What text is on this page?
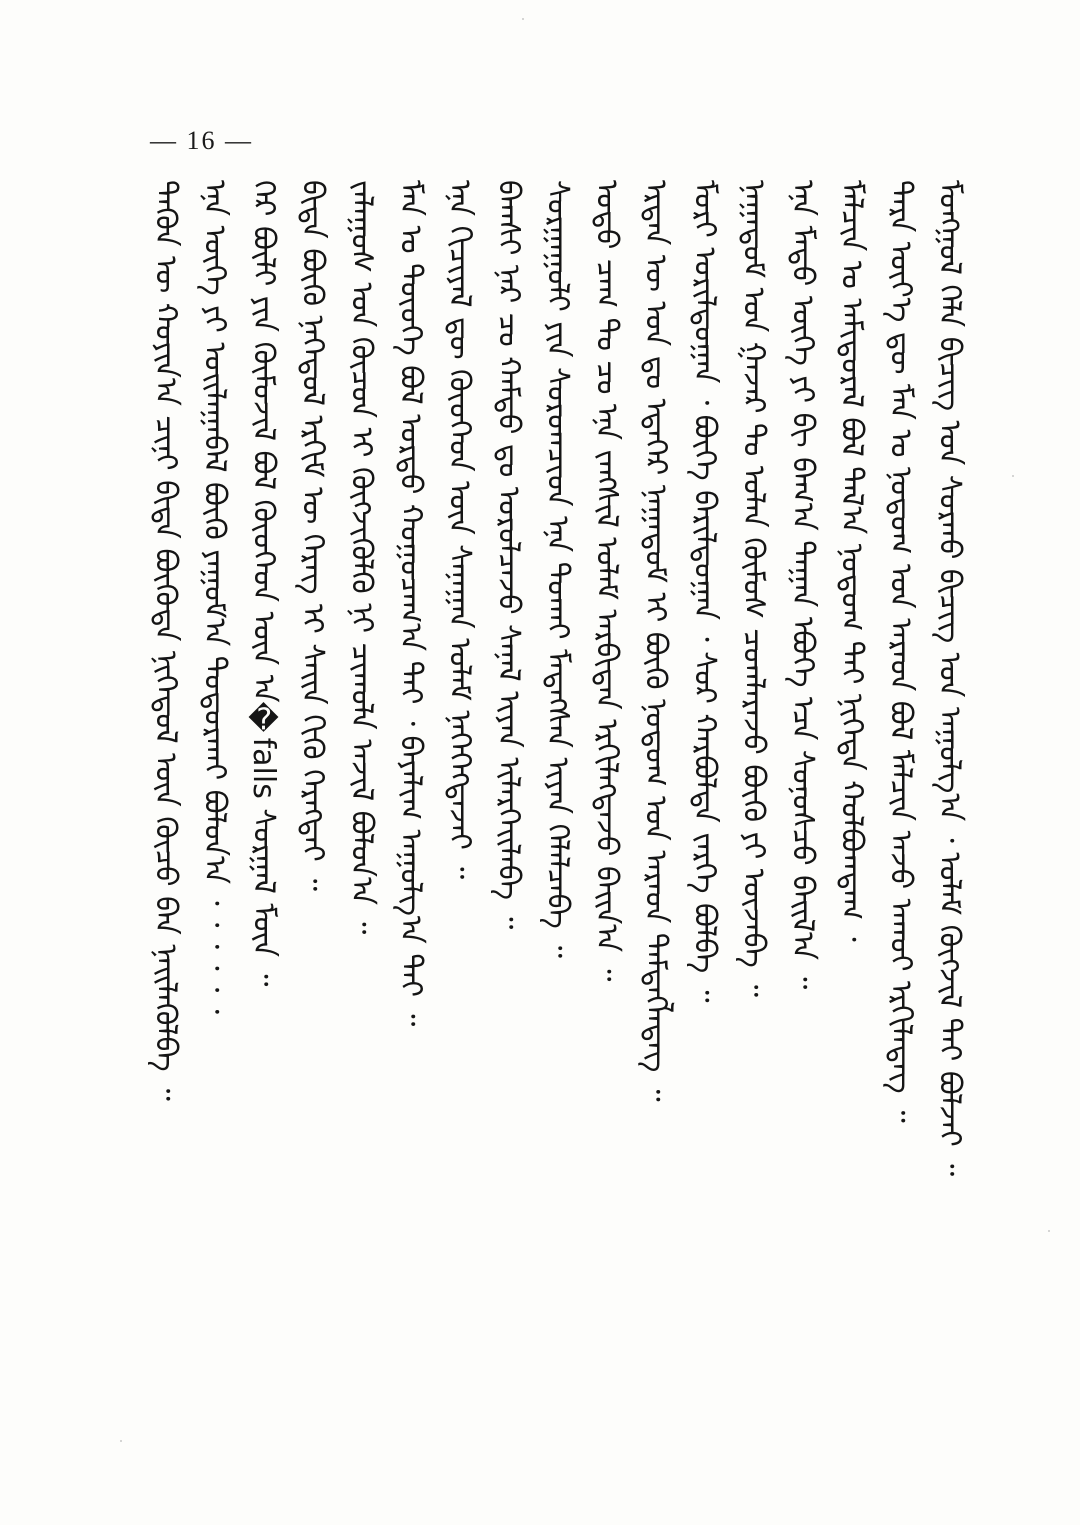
— 16 —
ᠮᠣᠩᠭᠣᠯ ᠬᠡᠯᠡ ᠪᠢᠴᠢᠭ ᠤᠨ ᠰᠤᠷᠬᠤ ᠪᠢᠴᠢᠭ ᠤᠨ ᠠᠭᠤᠯᠭ᠎ᠠ ᠂ ᠤᠯᠠᠮ ᠬᠥᠭᠵᠢᠯ ᠲᠡᠢ ᠪᠣᠯᠵᠠᠢ ᠃
ᠲᠡᠷᠡ ᠦᠶ᠎ᠡ ᠳᠦ ᠮᠠᠨ ᠤ ᠨᠤᠲᠤᠭ ᠤᠨ ᠠᠷᠠᠳ ᠪᠣᠯ ᠮᠠᠯᠴᠢᠨ ᠠᠵᠤ ᠠᠬᠤᠢ ᠡᠷᠬᠢᠯᠡᠳᠡᠭ ᠃
ᠮᠠᠯᠴᠢᠨ ᠤ ᠠᠮᠢᠳᠤᠷᠠᠯ ᠪᠣᠯ ᠲᠠᠯ᠎ᠠ ᠨᠤᠲᠤᠭ ᠲᠠᠢ ᠨᠢᠭᠡᠲᠡ ᠬᠣᠯᠪᠣᠭᠳᠠᠭ ᠂
ᠡᠨᠡ ᠮᠡᠲᠦ ᠦᠭᠡ ᠶᠢ ᠪᠢ ᠪᠠᠭ᠎ᠠ ᠳᠠᠭᠠᠨ ᠡᠪᠦᠭᠡ ᠡᠴᠡ ᠰᠣᠨᠣᠰᠴᠤ ᠪᠠᠢᠯ᠎ᠠ ᠃
ᠨᠠᠭᠠᠳᠤᠮ ᠤᠨ ᠭᠠᠵᠠᠷ ᠲᠤ ᠣᠯᠠᠨ ᠬᠦᠮᠦᠰ ᠴᠤᠭᠯᠠᠷᠠᠵᠤ ᠪᠦᠬᠦ ᠶᠢ ᠦᠵᠡᠪᠡ ᠃
ᠮᠣᠷᠢ ᠤᠷᠢᠯᠳᠤᠭᠠᠨ ᠂ ᠪᠥᠬᠡ ᠪᠠᠷᠢᠯᠳᠤᠭᠠᠨ ᠂ ᠰᠤᠷ ᠬᠠᠷᠪᠤᠯᠲᠠ ᠵᠡᠷᠭᠡ ᠪᠣᠯᠪᠠ ᠃
ᠡᠷᠲᠡᠨ ᠦ ᠣᠨ ᠳᠤ ᠡᠳᠡᠭᠡᠷ ᠨᠠᠭᠠᠳᠤᠮ ᠢ ᠪᠦᠬᠦ ᠨᠤᠲᠤᠭ ᠤᠨ ᠠᠷᠠᠳ ᠲᠡᠮᠳᠡᠭᠯᠡᠳᠡᠭ ᠃
ᠣᠳᠣ ᠴᠠᠭ ᠲᠤ ᠴᠤ ᠡᠨᠡ ᠵᠠᠩᠰᠢᠯ ᠤᠯᠠᠮ ᠠᠷᠪᠢᠳᠠᠨ ᠡᠷᠬᠢᠯᠡᠭᠳᠡᠵᠦ ᠪᠠᠢᠨ᠎ᠠ ᠃
ᠰᠤᠷᠭᠠᠭᠤᠯᠢ ᠶᠢᠨ ᠰᠤᠷᠤᠭᠴᠢᠳ ᠡᠨᠡ ᠲᠤᠬᠠᠢ ᠮᠡᠳᠡᠭᠰᠡᠨ ᠢᠶᠡᠨ ᠬᠡᠯᠡᠯᠴᠡᠪᠡ ᠃
ᠪᠠᠭᠰᠢ ᠨᠠᠷ ᠴᠤ ᠬᠠᠮᠲᠤ ᠳᠤ ᠣᠷᠣᠯᠴᠠᠵᠤ ᠰᠠᠨᠠᠯ ᠢᠶᠡᠨ ᠢᠯᠡᠷᠬᠡᠢᠯᠡᠪᠡ ᠃
ᠡᠨᠡ ᠬᠢᠴᠢᠶᠡᠯ ᠳᠦ ᠬᠦᠦᠬᠡᠳ ᠦᠨ ᠰᠠᠨᠠᠭᠠᠨ ᠤᠯᠠᠮ ᠨᠡᠭᠡᠭᠡᠭᠳᠡᠵᠡᠢ ᠃
ᠮᠠᠨ ᠤ ᠲᠦᠦᠬᠡ ᠪᠣᠯ ᠤᠷᠲᠤ ᠬᠤᠭᠤᠴᠠᠭ᠎ᠠ ᠲᠠᠢ ᠂ ᠪᠠᠶᠠᠯᠢᠭ ᠠᠭᠤᠯᠭ᠎ᠠ ᠲᠠᠢ ᠃
ᠵᠠᠯᠠᠭᠤᠰ ᠤᠨ ᠬᠦᠴᠦᠨ ᠢ ᠬᠥᠭᠵᠢᠭᠦᠯᠬᠦ ᠨᠢ ᠴᠢᠬᠤᠯᠠ ᠠᠵᠢᠯ ᠪᠣᠯᠤᠨ᠎ᠠ ᠃
ᠪᠢᠳᠡ ᠪᠦᠬᠦ ᠨᠡᠭᠡᠳᠦᠯ ᠡᠷᠬᠢᠮ ᠦ ᠬᠡᠷᠡᠭ ᠢ ᠰᠠᠢᠨ ᠬᠢᠬᠦ ᠬᠡᠷᠡᠭᠲᠡᠢ ᠃
ᠭᠡᠷ ᠪᠦᠯᠢ ᠶᠢᠨ ᠬᠦᠮᠦᠵᠢᠯ ᠪᠣᠯ ᠬᠦᠦᠬᠡᠳ ᠦᠨ ᠠ�falls ᠰᠤᠷᠭᠠᠯ ᠮᠥᠨ ᠃
ᠡᠨᠡ ᠦᠭᠡ ᠶᠢ ᠣᠢᠯᠠᠭᠠᠪᠠᠯ ᠪᠦᠬᠦ ᠶᠠᠭᠤᠮ᠎ᠠ ᠲᠣᠳᠣᠷᠬᠠᠢ ᠪᠣᠯᠤᠨ᠎ᠠ ᠂ ᠂ ᠂ ᠂ ᠂ ᠂
ᠲᠡᠭᠦᠨ ᠦ ᠬᠣᠶᠢᠨ᠎ᠠ ᠴᠢᠨᠢ ᠪᠢᠳᠡ ᠪᠦᠭᠦᠳᠡ ᠨᠢᠭᠡᠳᠦᠯ ᠦᠨ ᠬᠦᠴᠦ ᠪᠠᠨ ᠨᠡᠢᠯᠡᠭᠦᠯᠪᠡ ᠃
